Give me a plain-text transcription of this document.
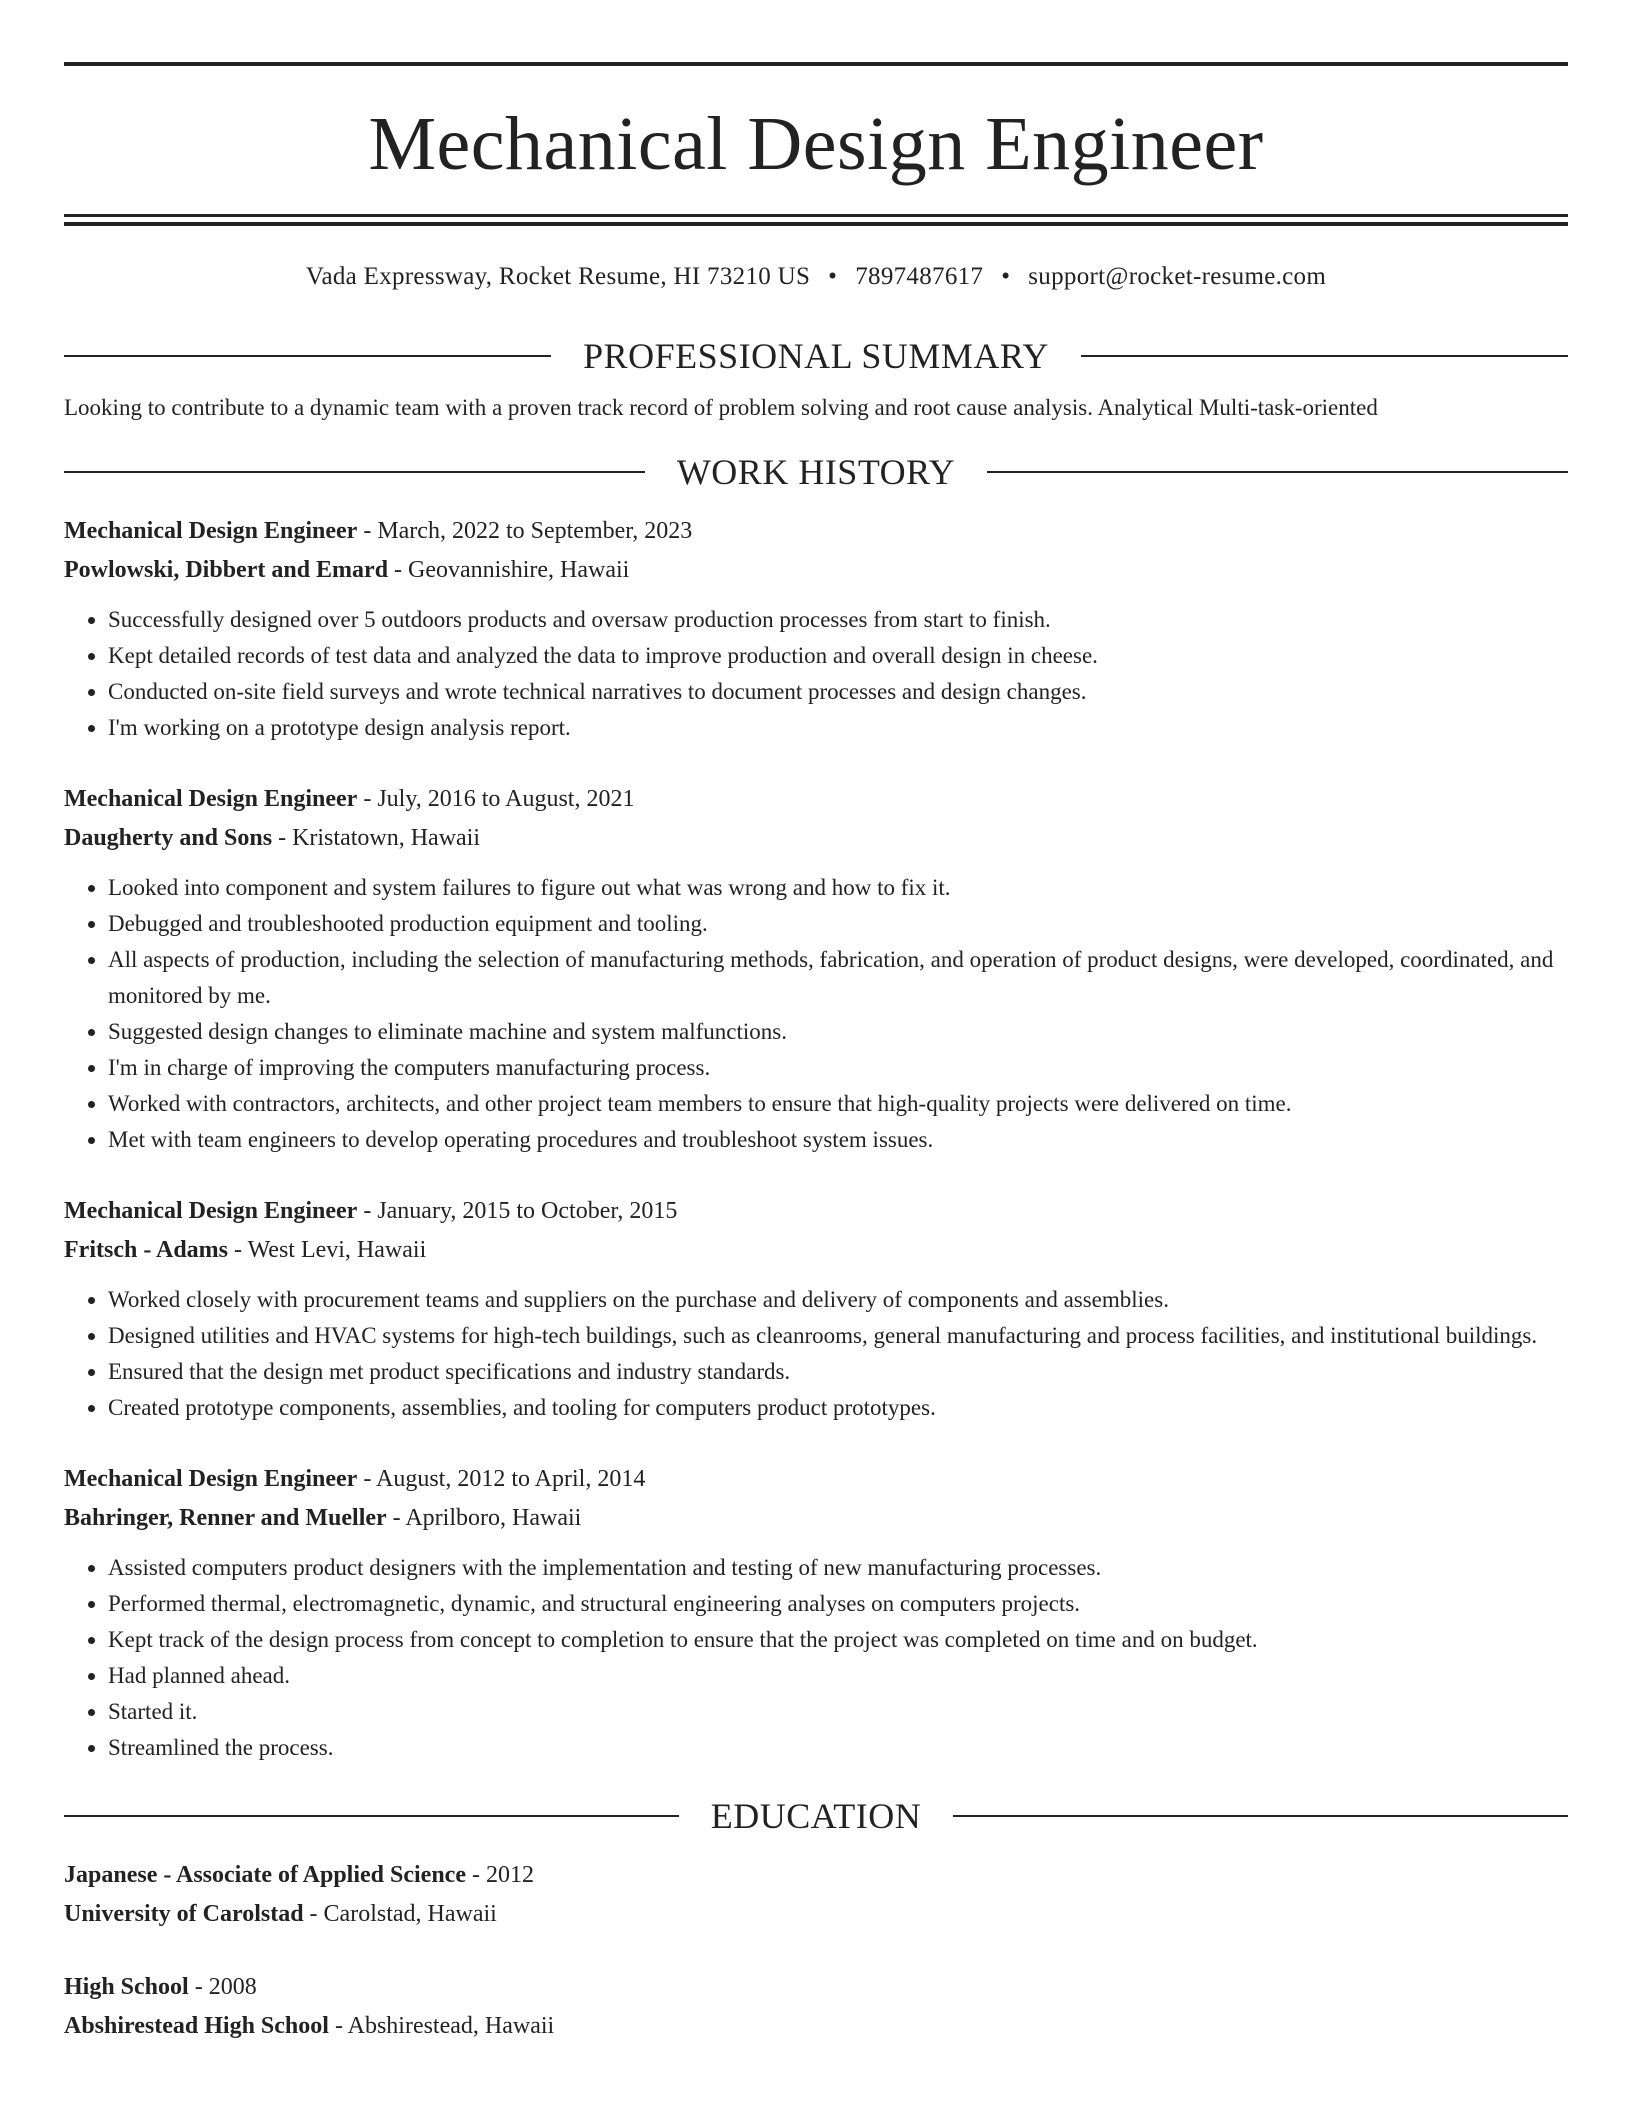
Mechanical Design Engineer
Vada Expressway, Rocket Resume, HI 73210 US • 7897487617 • support@rocket-resume.com
PROFESSIONAL SUMMARY
Looking to contribute to a dynamic team with a proven track record of problem solving and root cause analysis. Analytical Multi-task-oriented
WORK HISTORY
Mechanical Design Engineer - March, 2022 to September, 2023
Powlowski, Dibbert and Emard - Geovannishire, Hawaii
• Successfully designed over 5 outdoors products and oversaw production processes from start to finish.
• Kept detailed records of test data and analyzed the data to improve production and overall design in cheese.
• Conducted on-site field surveys and wrote technical narratives to document processes and design changes.
• I'm working on a prototype design analysis report.
Mechanical Design Engineer - July, 2016 to August, 2021
Daugherty and Sons - Kristatown, Hawaii
• Looked into component and system failures to figure out what was wrong and how to fix it.
• Debugged and troubleshooted production equipment and tooling.
• All aspects of production, including the selection of manufacturing methods, fabrication, and operation of product designs, were developed, coordinated, and monitored by me.
• Suggested design changes to eliminate machine and system malfunctions.
• I'm in charge of improving the computers manufacturing process.
• Worked with contractors, architects, and other project team members to ensure that high-quality projects were delivered on time.
• Met with team engineers to develop operating procedures and troubleshoot system issues.
Mechanical Design Engineer - January, 2015 to October, 2015
Fritsch - Adams - West Levi, Hawaii
• Worked closely with procurement teams and suppliers on the purchase and delivery of components and assemblies.
• Designed utilities and HVAC systems for high-tech buildings, such as cleanrooms, general manufacturing and process facilities, and institutional buildings.
• Ensured that the design met product specifications and industry standards.
• Created prototype components, assemblies, and tooling for computers product prototypes.
Mechanical Design Engineer - August, 2012 to April, 2014
Bahringer, Renner and Mueller - Aprilboro, Hawaii
• Assisted computers product designers with the implementation and testing of new manufacturing processes.
• Performed thermal, electromagnetic, dynamic, and structural engineering analyses on computers projects.
• Kept track of the design process from concept to completion to ensure that the project was completed on time and on budget.
• Had planned ahead.
• Started it.
• Streamlined the process.
EDUCATION
Japanese - Associate of Applied Science - 2012
University of Carolstad - Carolstad, Hawaii
High School - 2008
Abshirestead High School - Abshirestead, Hawaii
